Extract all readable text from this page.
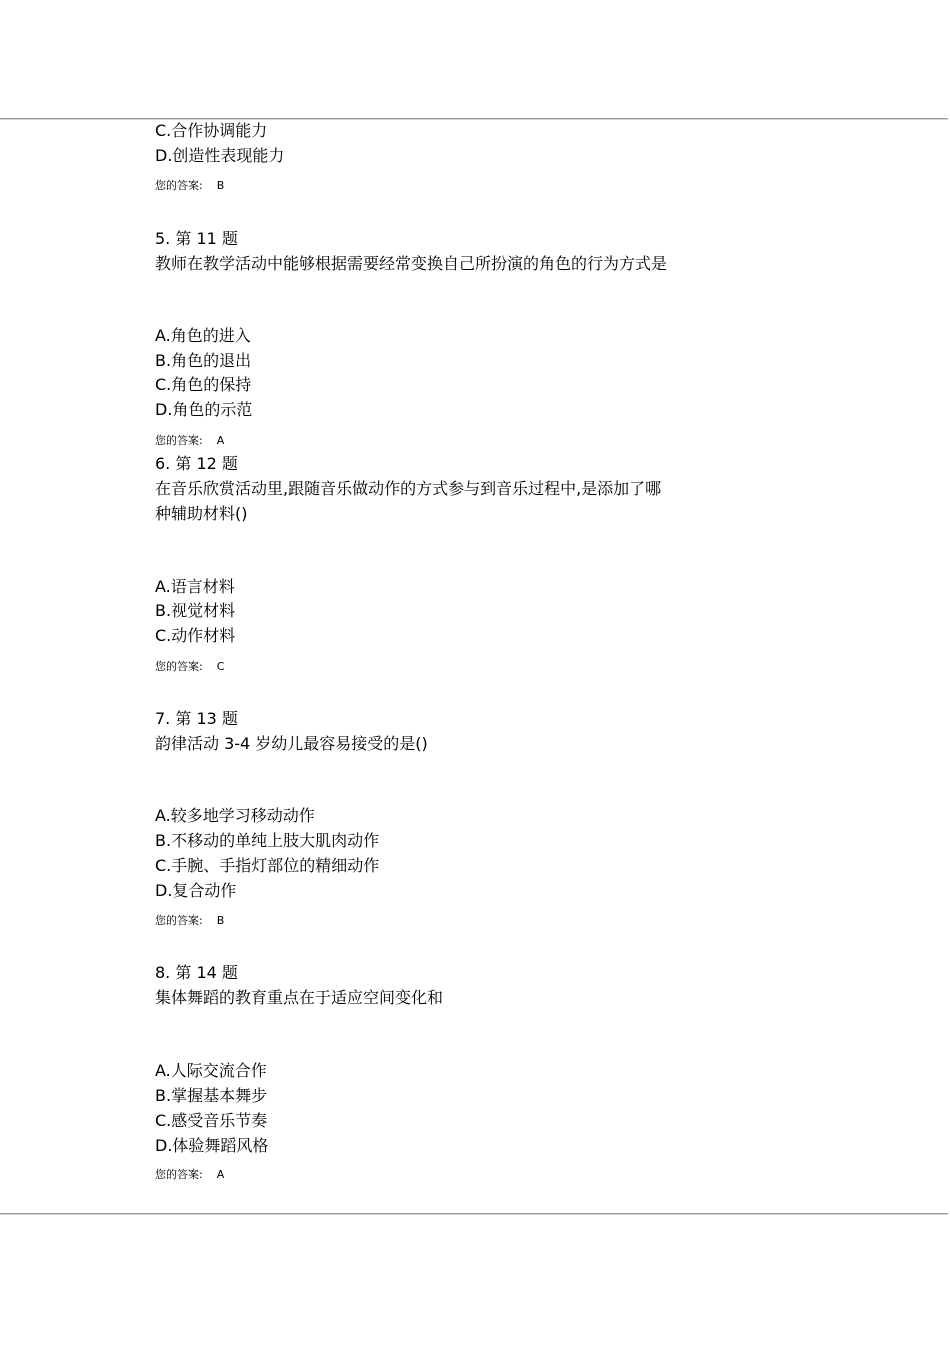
C.合作协调能力
D.创造性表现能力
您的答案: B
5. 第 11 题
教师在教学活动中能够根据需要经常变换自己所扮演的角色的行为方式是
A.角色的进入
B.角色的退出
C.角色的保持
D.角色的示范
您的答案: A
6. 第 12 题
在音乐欣赏活动里,跟随音乐做动作的方式参与到音乐过程中,是添加了哪
种辅助材料()
A.语言材料
B.视觉材料
C.动作材料
您的答案: C
7. 第 13 题
韵律活动 3-4 岁幼儿最容易接受的是()
A.较多地学习移动动作
B.不移动的单纯上肢大肌肉动作
C.手腕、手指灯部位的精细动作
D.复合动作
您的答案: B
8. 第 14 题
集体舞蹈的教育重点在于适应空间变化和
A.人际交流合作
B.掌握基本舞步
C.感受音乐节奏
D.体验舞蹈风格
您的答案: A
